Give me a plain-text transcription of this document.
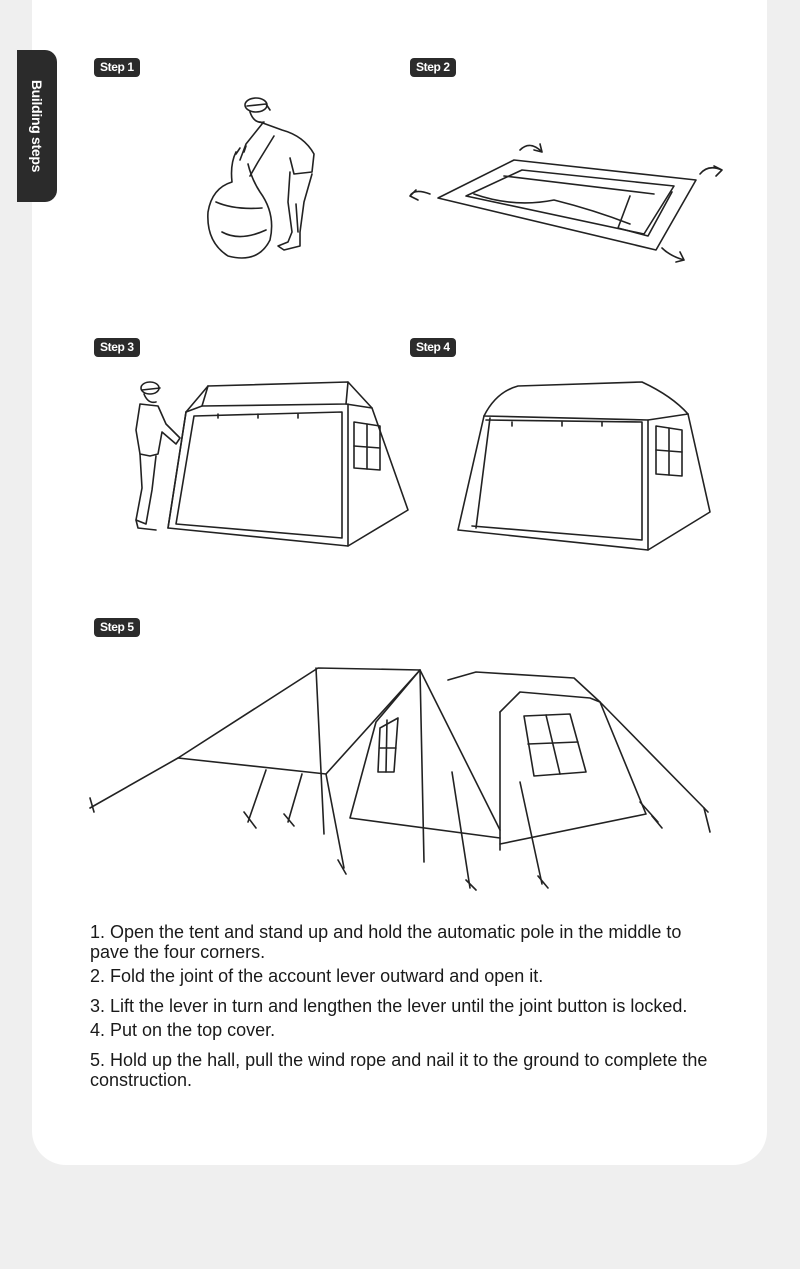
Building steps
Step 1	Step 2
Step 3	Step 4
Step 5

1. Open the tent and stand up and hold the automatic pole in the middle to pave the four corners.

2. Fold the joint of the account lever outward and open it.

3. Lift the lever in turn and lengthen the lever until the joint button is locked.

4. Put on the top cover.

5. Hold up the hall, pull the wind rope and nail it to the ground to complete the construction.
